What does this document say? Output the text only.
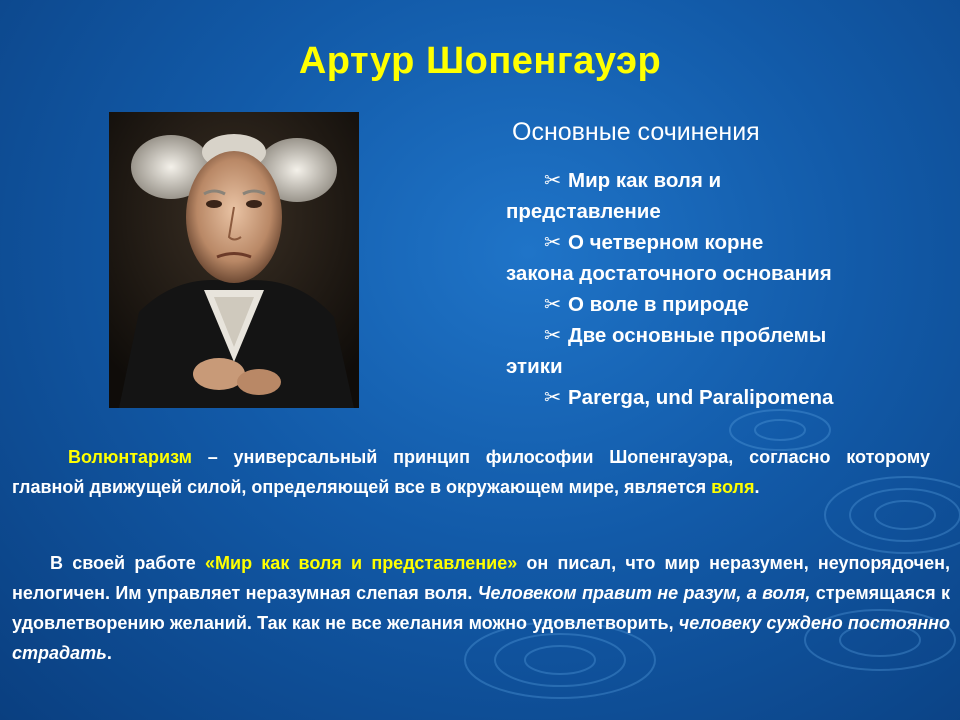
Артур Шопенгауэр
Основные сочинения

✂ Мир как воля и представление

✂ О четверном корне закона достаточного основания

✂ О воле в природе

✂ Две основные проблемы этики

✂ Parerga, und Paralipomena

Волюнтаризм – универсальный принцип философии Шопенгауэра, согласно которому главной движущей силой, определяющей все в окружающем мире, является воля.
В своей работе «Мир как воля и представление» он писал, что мир неразумен, неупорядочен, нелогичен. Им управляет неразумная слепая воля. Человеком правит не разум, а воля, стремящаяся к удовлетворению желаний. Так как не все желания можно удовлетворить, человеку суждено постоянно страдать.
